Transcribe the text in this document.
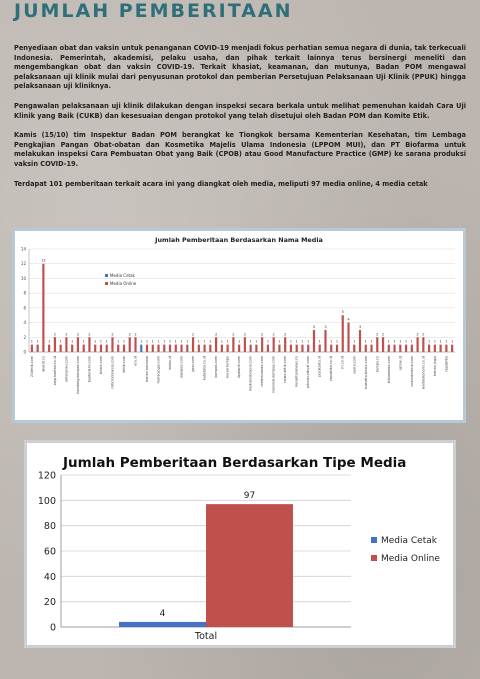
JUMLAH PEMBERITAAN

Penyediaan obat dan vaksin untuk penanganan COVID-19 menjadi fokus perhatian semua negara di dunia, tak terkecuali Indonesia. Pemerintah, akademisi, pelaku usaha, dan pihak terkait lainnya terus bersinergi meneliti dan mengembangkan obat dan vaksin COVID-19. Terkait khasiat, keamanan, dan mutunya, Badan POM mengawal pelaksanaan uji klinik mulai dari penyusunan protokol dan pemberian Persetujuan Pelaksanaan Uji Klinik (PPUK) hingga pelaksanaan uji kliniknya.

Pengawalan pelaksanaan uji klinik dilakukan dengan inspeksi secara berkala untuk melihat pemenuhan kaidah Cara Uji Klinik yang Baik (CUKB) dan kesesuaian dengan protokol yang telah disetujui oleh Badan POM dan Komite Etik.

Kamis (15/10) tim Inspektur Badan POM berangkat ke Tiongkok bersama Kementerian Kesehatan, tim Lembaga Pengkajian Pangan Obat-obatan dan Kosmetika Majelis Ulama Indonesia (LPPOM MUI), dan PT Biofarma untuk melakukan inspeksi Cara Pembuatan Obat yang Baik (CPOB) atau Good Manufacture Practice (GMP) ke sarana produksi vaksin COVID-19.

Terdapat 101 pemberitaan terkait acara ini yang diangkat oleh media, meliputi 97 media online, 4 media cetak

Jumlah Pemberitaan Berdasarkan Nama Media
0
2
4
6
8
10
12
14
1
20detik.com
1
12
akurat.co
1
2
amp.kontan.co.id
1
2
antarariau.com
1
2
bandung.kompas.com
1
2
bantenkini.com
1 1
bisnis.com
1
2
cnbcindonesia.com
1 1
detik.com
2 2
era.id
1 1
harian nasional
1 1
harianjogja.com
1 1
inews.id
1 1
jawapos.com
1
2
jpnn.com
1 1
katadata.co.id
1
2
kompas.com
1 1
koran tempo
2
1
liputan6.com
2
1
mediaindonesia.com
1
2
metrotvnews.com
1
2
nasional.kompas.com
1
2
news.detik.com
1 1
nusantaranews.co
1 1
pikiran-rakyat.com
3
1
pojoksatu.id
3
1
republika.co.id
1
5
rri.co.id
4
1
suara.com
3
1
sumatra.bisnis.com
1
2
tempo.co
2
1
tribunnews.com
1 1
uzone.id
1 1
voaindonesia.com
2 2
wartaekonomi.co.id
1 1
harian jogja
1 1
republika
1
Media Cetak
Media Online
Jumlah Pemberitaan Berdasarkan Tipe Media
0
20
40
60
80
100
120
4
97
Total
Media Cetak
Media Online
